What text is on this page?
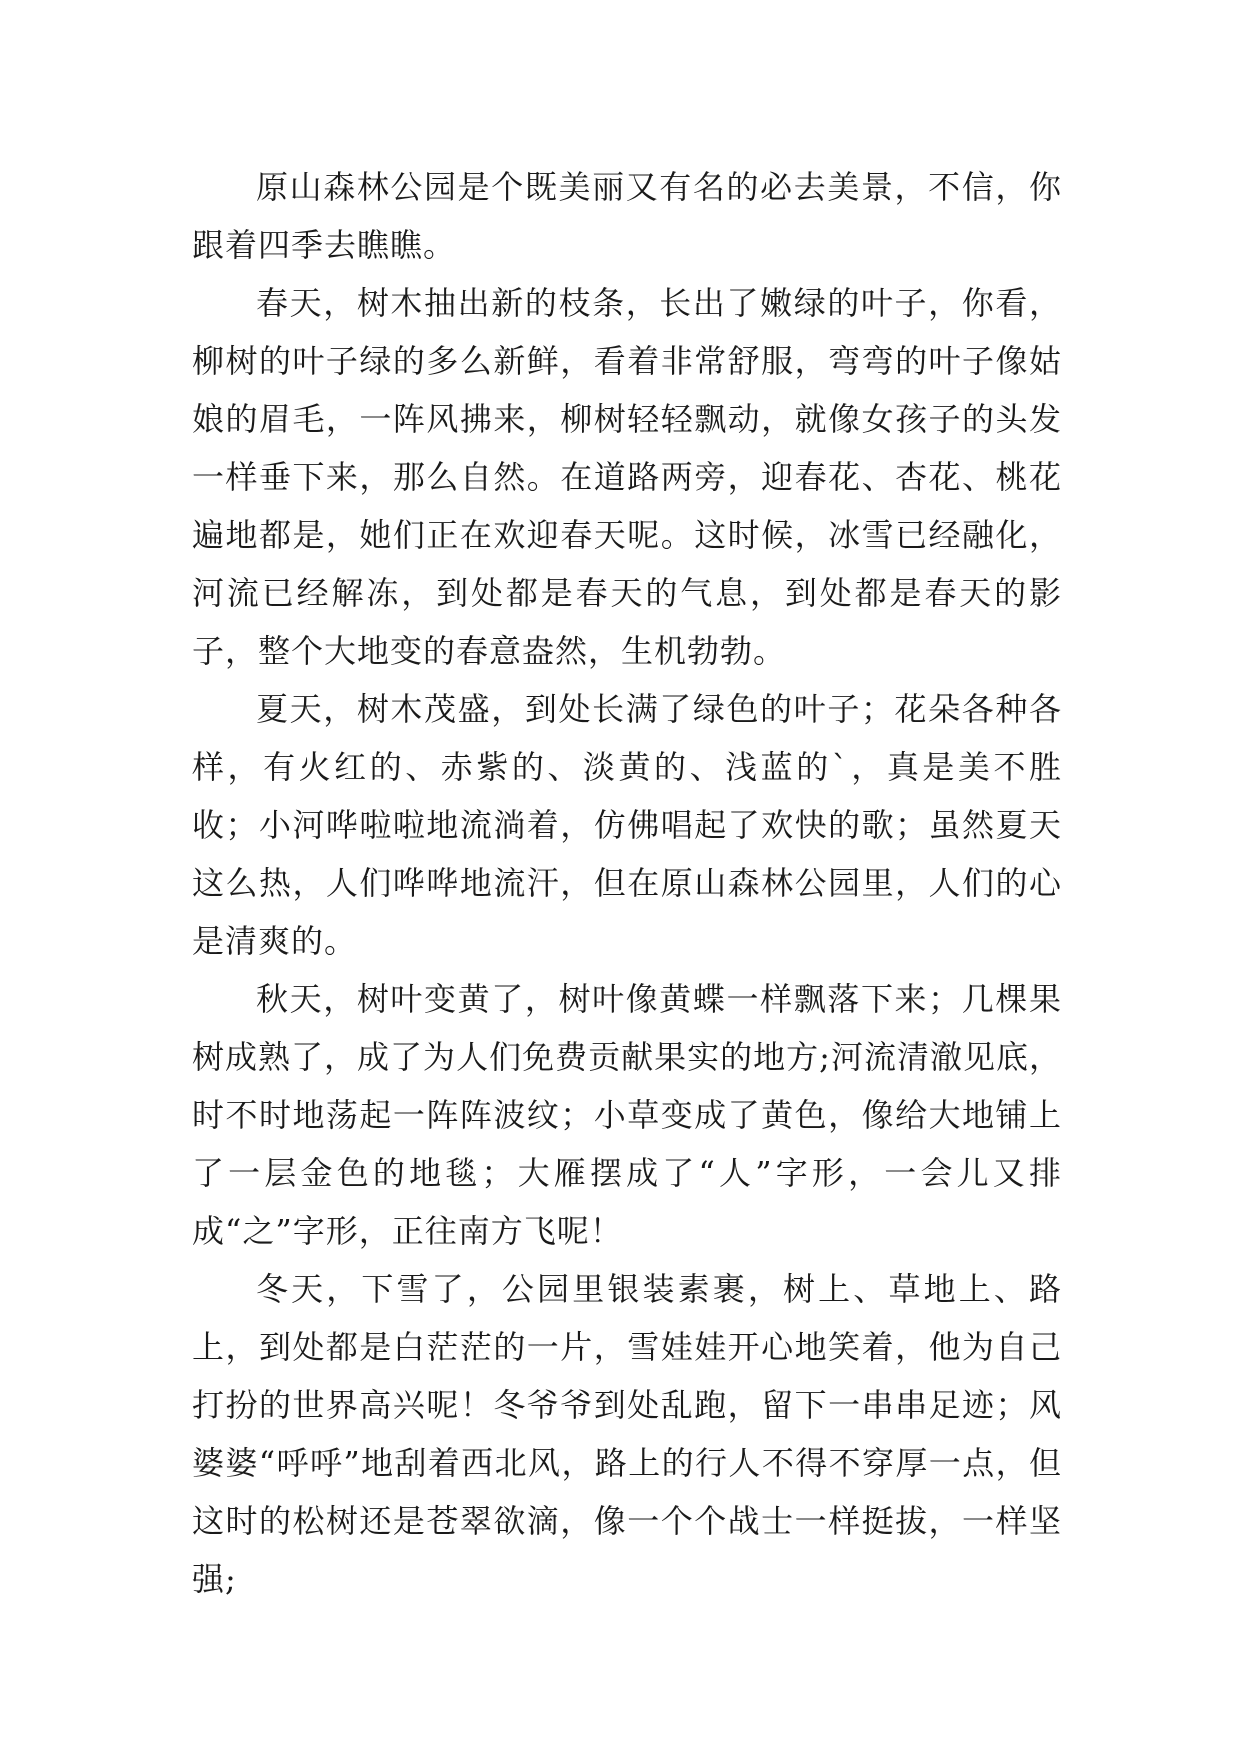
原山森林公园是个既美丽又有名的必去美景，不信，你跟着四季去瞧瞧。

春天，树木抽出新的枝条，长出了嫩绿的叶子，你看，柳树的叶子绿的多么新鲜，看着非常舒服，弯弯的叶子像姑娘的眉毛，一阵风拂来，柳树轻轻飘动，就像女孩子的头发一样垂下来，那么自然。在道路两旁，迎春花、杏花、桃花遍地都是，她们正在欢迎春天呢。这时候，冰雪已经融化，河流已经解冻，到处都是春天的气息，到处都是春天的影子，整个大地变的春意盎然，生机勃勃。

夏天，树木茂盛，到处长满了绿色的叶子；花朵各种各样，有火红的、赤紫的、淡黄的、浅蓝的`，真是美不胜收；小河哗啦啦地流淌着，仿佛唱起了欢快的歌；虽然夏天这么热，人们哗哗地流汗，但在原山森林公园里，人们的心是清爽的。

秋天，树叶变黄了，树叶像黄蝶一样飘落下来；几棵果树成熟了，成了为人们免费贡献果实的地方;河流清澈见底，时不时地荡起一阵阵波纹；小草变成了黄色，像给大地铺上了一层金色的地毯；大雁摆成了“人”字形，一会儿又排成“之”字形，正往南方飞呢！

冬天，下雪了，公园里银装素裹，树上、草地上、路上，到处都是白茫茫的一片，雪娃娃开心地笑着，他为自己打扮的世界高兴呢！冬爷爷到处乱跑，留下一串串足迹；风婆婆“呼呼”地刮着西北风，路上的行人不得不穿厚一点，但这时的松树还是苍翠欲滴，像一个个战士一样挺拔，一样坚强;
